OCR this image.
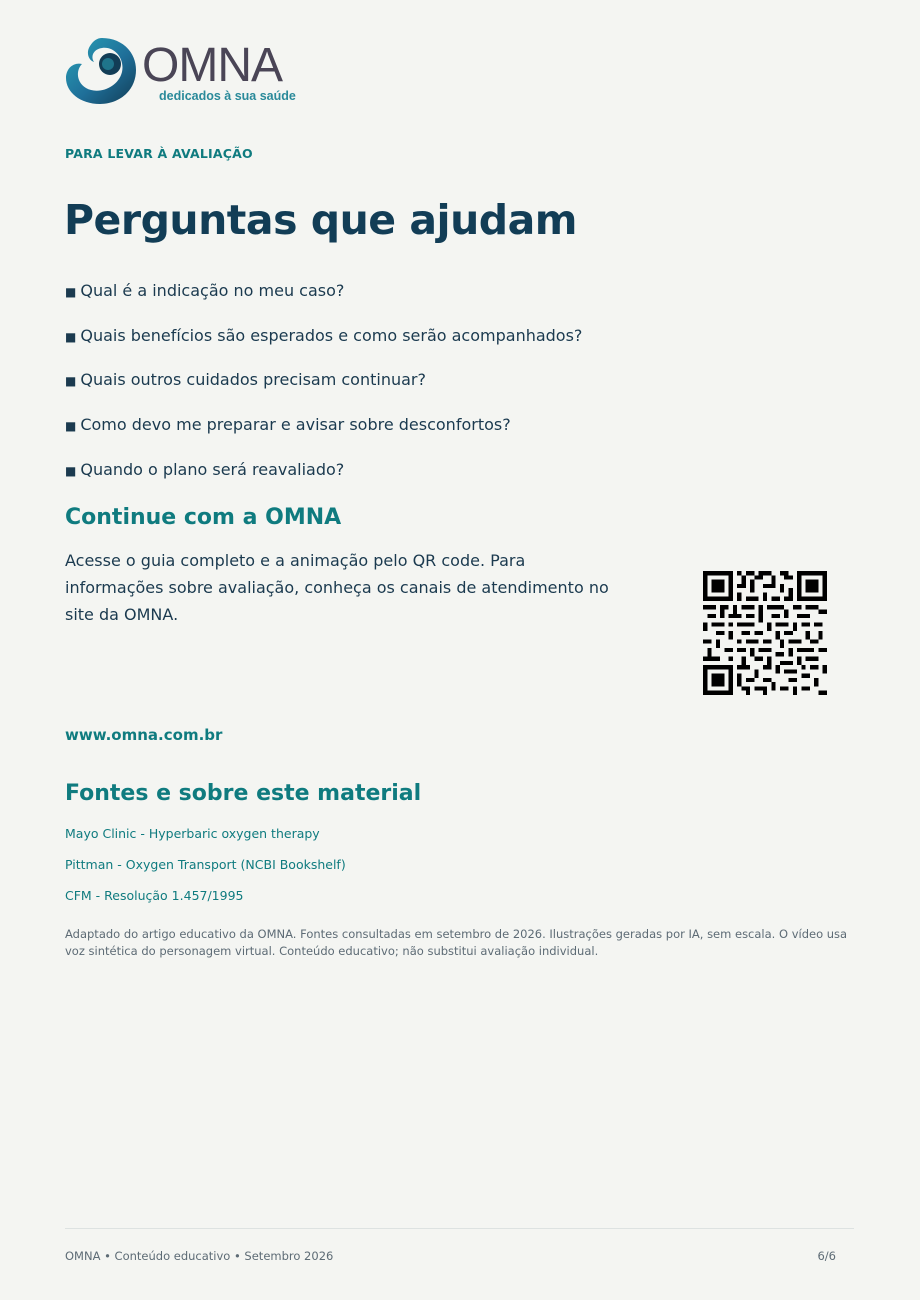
OMNA
dedicados à sua saúde
PARA LEVAR À AVALIAÇÃO
Perguntas que ajudam
■ Qual é a indicação no meu caso?
■ Quais benefícios são esperados e como serão acompanhados?
■ Quais outros cuidados precisam continuar?
■ Como devo me preparar e avisar sobre desconfortos?
■ Quando o plano será reavaliado?
Continue com a OMNA

Acesse o guia completo e a animação pelo QR code. Para informações sobre avaliação, conheça os canais de atendimento no site da OMNA.

www.omna.com.br
Fontes e sobre este material
Mayo Clinic - Hyperbaric oxygen therapy
Pittman - Oxygen Transport (NCBI Bookshelf)
CFM - Resolução 1.457/1995

Adaptado do artigo educativo da OMNA. Fontes consultadas em setembro de 2026. Ilustrações geradas por IA, sem escala. O vídeo usa voz sintética do personagem virtual. Conteúdo educativo; não substitui avaliação individual.

OMNA • Conteúdo educativo • Setembro 2026	6/6
